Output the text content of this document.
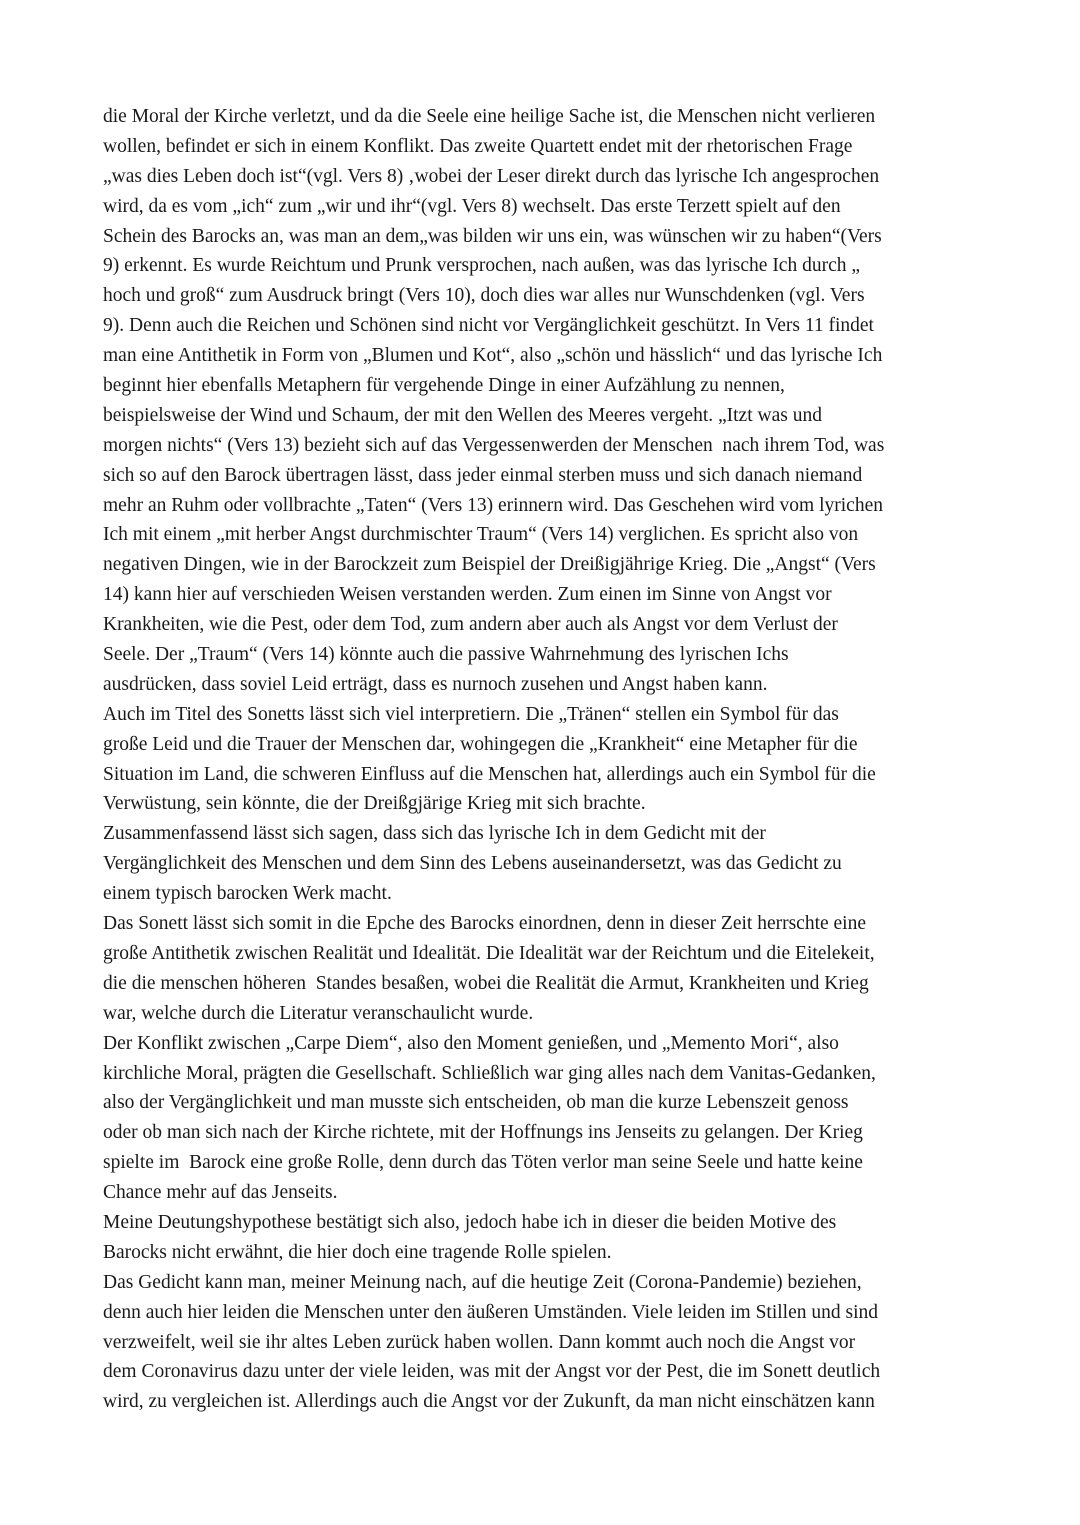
die Moral der Kirche verletzt, und da die Seele eine heilige Sache ist, die Menschen nicht verlieren
wollen, befindet er sich in einem Konflikt. Das zweite Quartett endet mit der rhetorischen Frage
„was dies Leben doch ist“(vgl. Vers 8) ‚wobei der Leser direkt durch das lyrische Ich angesprochen
wird, da es vom „ich“ zum „wir und ihr“(vgl. Vers 8) wechselt. Das erste Terzett spielt auf den
Schein des Barocks an, was man an dem„was bilden wir uns ein, was wünschen wir zu haben“(Vers
9) erkennt. Es wurde Reichtum und Prunk versprochen, nach außen, was das lyrische Ich durch „
hoch und groß“ zum Ausdruck bringt (Vers 10), doch dies war alles nur Wunschdenken (vgl. Vers
9). Denn auch die Reichen und Schönen sind nicht vor Vergänglichkeit geschützt. In Vers 11 findet
man eine Antithetik in Form von „Blumen und Kot“, also „schön und hässlich“ und das lyrische Ich
beginnt hier ebenfalls Metaphern für vergehende Dinge in einer Aufzählung zu nennen,
beispielsweise der Wind und Schaum, der mit den Wellen des Meeres vergeht. „Itzt was und
morgen nichts“ (Vers 13) bezieht sich auf das Vergessenwerden der Menschen  nach ihrem Tod, was
sich so auf den Barock übertragen lässt, dass jeder einmal sterben muss und sich danach niemand
mehr an Ruhm oder vollbrachte „Taten“ (Vers 13) erinnern wird. Das Geschehen wird vom lyrichen
Ich mit einem „mit herber Angst durchmischter Traum“ (Vers 14) verglichen. Es spricht also von
negativen Dingen, wie in der Barockzeit zum Beispiel der Dreißigjährige Krieg. Die „Angst“ (Vers
14) kann hier auf verschieden Weisen verstanden werden. Zum einen im Sinne von Angst vor
Krankheiten, wie die Pest, oder dem Tod, zum andern aber auch als Angst vor dem Verlust der
Seele. Der „Traum“ (Vers 14) könnte auch die passive Wahrnehmung des lyrischen Ichs
ausdrücken, dass soviel Leid erträgt, dass es nurnoch zusehen und Angst haben kann.
Auch im Titel des Sonetts lässt sich viel interpretiern. Die „Tränen“ stellen ein Symbol für das
große Leid und die Trauer der Menschen dar, wohingegen die „Krankheit“ eine Metapher für die
Situation im Land, die schweren Einfluss auf die Menschen hat, allerdings auch ein Symbol für die
Verwüstung, sein könnte, die der Dreißgjärige Krieg mit sich brachte.
Zusammenfassend lässt sich sagen, dass sich das lyrische Ich in dem Gedicht mit der
Vergänglichkeit des Menschen und dem Sinn des Lebens auseinandersetzt, was das Gedicht zu
einem typisch barocken Werk macht.
Das Sonett lässt sich somit in die Epche des Barocks einordnen, denn in dieser Zeit herrschte eine
große Antithetik zwischen Realität und Idealität. Die Idealität war der Reichtum und die Eitelekeit,
die die menschen höheren  Standes besaßen, wobei die Realität die Armut, Krankheiten und Krieg
war, welche durch die Literatur veranschaulicht wurde.
Der Konflikt zwischen „Carpe Diem“, also den Moment genießen, und „Memento Mori“, also
kirchliche Moral, prägten die Gesellschaft. Schließlich war ging alles nach dem Vanitas-Gedanken,
also der Vergänglichkeit und man musste sich entscheiden, ob man die kurze Lebenszeit genoss
oder ob man sich nach der Kirche richtete, mit der Hoffnungs ins Jenseits zu gelangen. Der Krieg
spielte im  Barock eine große Rolle, denn durch das Töten verlor man seine Seele und hatte keine
Chance mehr auf das Jenseits.
Meine Deutungshypothese bestätigt sich also, jedoch habe ich in dieser die beiden Motive des
Barocks nicht erwähnt, die hier doch eine tragende Rolle spielen.
Das Gedicht kann man, meiner Meinung nach, auf die heutige Zeit (Corona-Pandemie) beziehen,
denn auch hier leiden die Menschen unter den äußeren Umständen. Viele leiden im Stillen und sind
verzweifelt, weil sie ihr altes Leben zurück haben wollen. Dann kommt auch noch die Angst vor
dem Coronavirus dazu unter der viele leiden, was mit der Angst vor der Pest, die im Sonett deutlich
wird, zu vergleichen ist. Allerdings auch die Angst vor der Zukunft, da man nicht einschätzen kann
